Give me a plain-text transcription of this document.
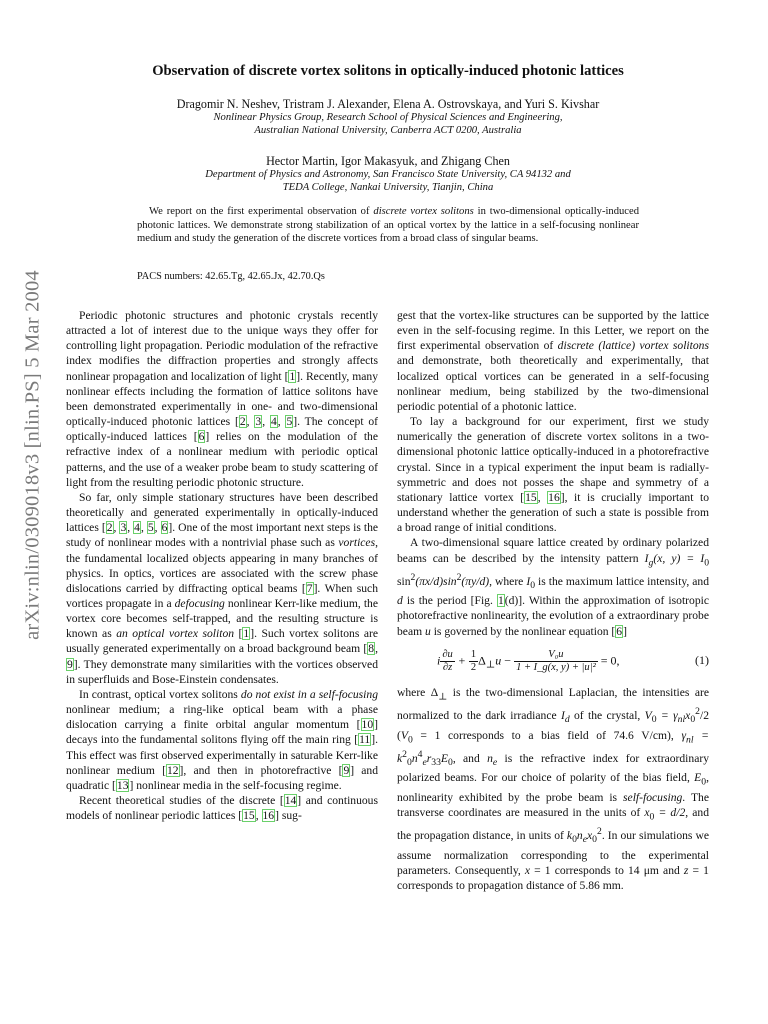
arXiv:nlin/0309018v3 [nlin.PS] 5 Mar 2004
Observation of discrete vortex solitons in optically-induced photonic lattices

Dragomir N. Neshev, Tristram J. Alexander, Elena A. Ostrovskaya, and Yuri S. Kivshar

Nonlinear Physics Group, Research School of Physical Sciences and Engineering,

Australian National University, Canberra ACT 0200, Australia

Hector Martin, Igor Makasyuk, and Zhigang Chen

Department of Physics and Astronomy, San Francisco State University, CA 94132 and

TEDA College, Nankai University, Tianjin, China

We report on the first experimental observation of discrete vortex solitons in two-dimensional optically-induced photonic lattices. We demonstrate strong stabilization of an optical vortex by the lattice in a self-focusing nonlinear medium and study the generation of the discrete vortices from a broad class of singular beams.

PACS numbers: 42.65.Tg, 42.65.Jx, 42.70.Qs

Periodic photonic structures and photonic crystals recently attracted a lot of interest due to the unique ways they offer for controlling light propagation. Periodic modulation of the refractive index modifies the diffraction properties and strongly affects nonlinear propagation and localization of light [1]. Recently, many nonlinear effects including the formation of lattice solitons have been demonstrated experimentally in one- and two-dimensional optically-induced photonic lattices [2, 3, 4, 5]. The concept of optically-induced lattices [6] relies on the modulation of the refractive index of a nonlinear medium with periodic optical patterns, and the use of a weaker probe beam to study scattering of light from the resulting periodic photonic structure.

So far, only simple stationary structures have been described theoretically and generated experimentally in optically-induced lattices [2, 3, 4, 5, 6]. One of the most important next steps is the study of nonlinear modes with a nontrivial phase such as vortices, the fundamental localized objects appearing in many branches of physics. In optics, vortices are associated with the screw phase dislocations carried by diffracting optical beams [7]. When such vortices propagate in a defocusing nonlinear Kerr-like medium, the vortex core becomes self-trapped, and the resulting structure is known as an optical vortex soliton [1]. Such vortex solitons are usually generated experimentally on a broad background beam [8, 9]. They demonstrate many similarities with the vortices observed in superfluids and Bose-Einstein condensates.

In contrast, optical vortex solitons do not exist in a self-focusing nonlinear medium; a ring-like optical beam with a phase dislocation carrying a finite orbital angular momentum [10] decays into the fundamental solitons flying off the main ring [11]. This effect was first observed experimentally in saturable Kerr-like nonlinear medium [12], and then in photorefractive [9] and quadratic [13] nonlinear media in the self-focusing regime.

Recent theoretical studies of the discrete [14] and continuous models of nonlinear periodic lattices [15, 16] sug-

gest that the vortex-like structures can be supported by the lattice even in the self-focusing regime. In this Letter, we report on the first experimental observation of discrete (lattice) vortex solitons and demonstrate, both theoretically and experimentally, that localized optical vortices can be generated in a self-focusing nonlinear medium, being stabilized by the two-dimensional periodic potential of a photonic lattice.

To lay a background for our experiment, first we study numerically the generation of discrete vortex solitons in a two-dimensional photonic lattice optically-induced in a photorefractive crystal. Since in a typical experiment the input beam is radially-symmetric and does not posses the shape and symmetry of a stationary lattice vortex [15, 16], it is crucially important to understand whether the generation of such a state is possible from a broad range of initial conditions.

A two-dimensional square lattice created by ordinary polarized beams can be described by the intensity pattern $I_g(x$, $y) = I_0$ $\sin^2(\pi x/d)\sin^2(\pi y/d)$, where $I_0$ is the maximum lattice intensity, and d is the period [Fig. 1(d)]. Within the approximation of isotropic photorefractive nonlinearity, the evolution of a extraordinary probe beam u is governed by the nonlinear equation [6]

i $\frac{\partial u}{\partial z} + \frac{1}{2} \Delta_\perp u - \frac{\text{V₀u}}{\text{1 + I\_g(x, y) + |u|²}} = 0$,	(1)

where $\Delta_\perp$ is the two-dimensional Laplacian, the intensities are normalized to the dark irradiance $I_d$ of the crystal, $V_0 = \gamma_{nl}x_0^2/2$ ($V_0 = 1$ corresponds to a bias field of 74.6 V/cm), $\gamma_{nl} = k^2_0n^4_er_{33}E_0$, and $n_e$ is the refractive index for extraordinary polarized beams. For our choice of polarity of the bias field, $E_0$, nonlinearity exhibited by the probe beam is self-focusing. The transverse coordinates are measured in the units of $x_0 = d/2$, and the propagation distance, in units of $k_0n_ex_0^2$. In our simulations we assume normalization corresponding to the experimental parameters. Consequently, x = 1 corresponds to 14 μm and z = 1 corresponds to propagation distance of 5.86 mm.
